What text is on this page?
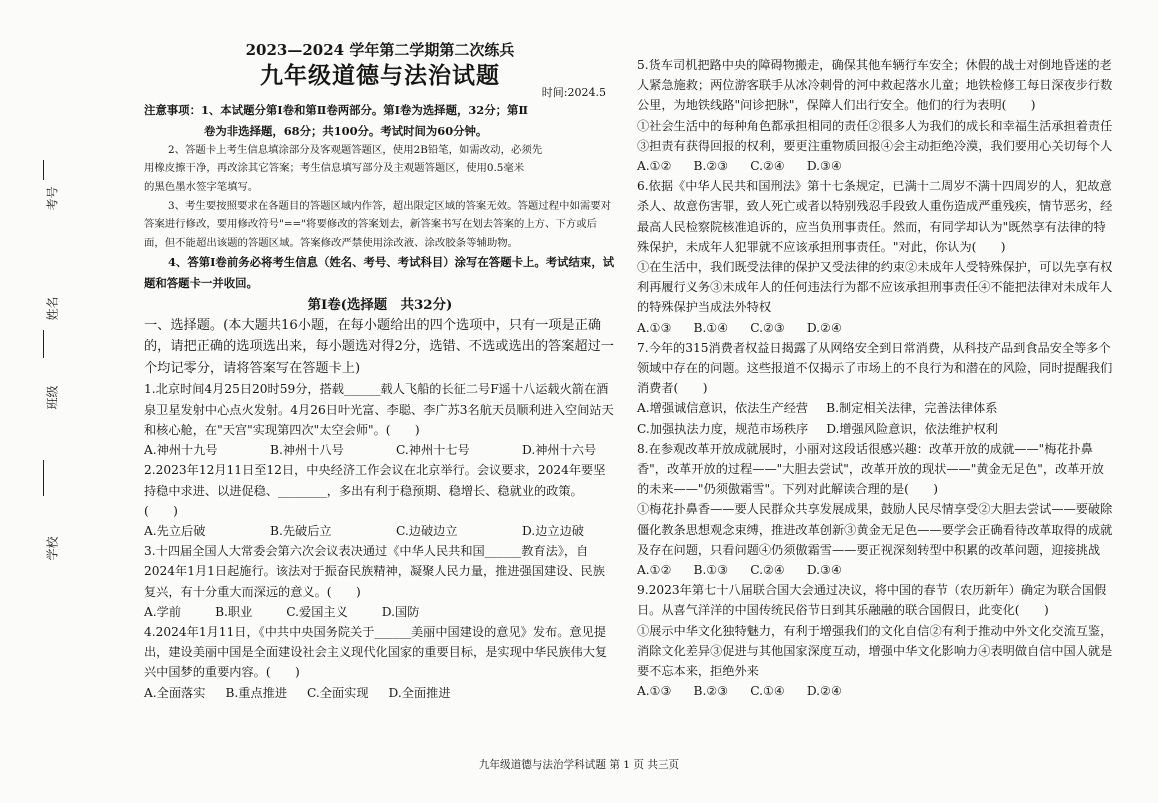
考号
姓名
班级
学校

2023—2024 学年第二学期第二次练兵

九年级道德与法治试题

时间:2024.5

注意事项：1、本试题分第Ⅰ卷和第Ⅱ卷两部分。第Ⅰ卷为选择题，32分；第Ⅱ

卷为非选择题，68分；共100分。考试时间为60分钟。

2、答题卡上考生信息填涂部分及客观题答题区，使用2B铅笔，如需改动，必须先

用橡皮擦干净，再改涂其它答案；考生信息填写部分及主观题答题区，使用0.5毫米

的黑色墨水签字笔填写。

3、考生要按照要求在各题目的答题区域内作答，超出限定区域的答案无效。答题过程中如需要对答案进行修改，要用修改符号"=="将要修改的答案划去，新答案书写在划去答案的上方、下方或后面，但不能超出该题的答题区域。答案修改严禁使用涂改液、涂改胶条等辅助物。

4、答第Ⅰ卷前务必将考生信息（姓名、考号、考试科目）涂写在答题卡上。考试结束，试题和答题卡一并收回。

第Ⅰ卷(选择题　共32分)

一、选择题。(本大题共16小题，在每小题给出的四个选项中，只有一项是正确的，请把正确的选项选出来，每小题选对得2分，选错、不选或选出的答案超过一个均记零分，请将答案写在答题卡上)

1.北京时间4月25日20时59分，搭载______载人飞船的长征二号F遥十八运载火箭在酒泉卫星发射中心点火发射。4月26日叶光富、李聪、李广苏3名航天员顺利进入空间站天和核心舱，在"天宫"实现第四次"太空会师"。(　　)

A.神州十九号	B.神州十八号	C.神州十七号	D.神州十六号

2.2023年12月11日至12日，中央经济工作会议在北京举行。会议要求，2024年要坚持稳中求进、以进促稳、________，多出有利于稳预期、稳增长、稳就业的政策。(　　)

A.先立后破	B.先破后立	C.边破边立	D.边立边破

3.十四届全国人大常委会第六次会议表决通过《中华人民共和国______教育法》，自2024年1月1日起施行。该法对于振奋民族精神，凝聚人民力量，推进强国建设、民族复兴，有十分重大而深远的意义。(　　)

A.学前	B.职业	C.爱国主义	D.国防

4.2024年1月11日，《中共中央国务院关于______美丽中国建设的意见》发布。意见提出，建设美丽中国是全面建设社会主义现代化国家的重要目标，是实现中华民族伟大复兴中国梦的重要内容。(　　)

A.全面落实 B.重点推进 C.全面实现 D.全面推进

5.货车司机把路中央的障碍物搬走，确保其他车辆行车安全；休假的战士对倒地昏迷的老人紧急施救；两位游客联手从冰冷刺骨的河中救起落水儿童；地铁检修工每日深夜步行数公里，为地铁线路"问诊把脉"，保障人们出行安全。他们的行为表明(　　)

①社会生活中的每种角色都承担相同的责任②很多人为我们的成长和幸福生活承担着责任③担责有获得回报的权利，要更注重物质回报④会主动拒绝冷漠，我们要用心关切每个人

A.①② B.②③ C.②④ D.③④

6.依据《中华人民共和国刑法》第十七条规定，已满十二周岁不满十四周岁的人，犯故意杀人、故意伤害罪，致人死亡或者以特别残忍手段致人重伤造成严重残疾，情节恶劣，经最高人民检察院核准追诉的，应当负刑事责任。然而，有同学却认为"既然享有法律的特殊保护，未成年人犯罪就不应该承担刑事责任。"对此，你认为(　　)

①在生活中，我们既受法律的保护又受法律的约束②未成年人受特殊保护，可以先享有权利再履行义务③未成年人的任何违法行为都不应该承担刑事责任④不能把法律对未成年人的特殊保护当成法外特权

A.①③ B.①④ C.②③ D.②④

7.今年的315消费者权益日揭露了从网络安全到日常消费，从科技产品到食品安全等多个领域中存在的问题。这些报道不仅揭示了市场上的不良行为和潜在的风险，同时提醒我们消费者(　　)

A.增强诚信意识，依法生产经营 B.制定相关法律，完善法律体系
C.加强执法力度，规范市场秩序 D.增强风险意识，依法维护权利

8.在参观改革开放成就展时，小丽对这段话很感兴趣：改革开放的成就——"梅花扑鼻香"，改革开放的过程——"大胆去尝试"，改革开放的现状——"黄金无足色"，改革开放的未来——"仍须傲霜雪"。下列对此解读合理的是(　　)

①梅花扑鼻香——要人民群众共享发展成果，鼓励人民尽情享受②大胆去尝试——要破除僵化教条思想观念束缚，推进改革创新③黄金无足色——要学会正确看待改革取得的成就及存在问题，只看问题④仍须傲霜雪——要正视深刻转型中积累的改革问题，迎接挑战

A.①② B.①③ C.②④ D.③④

9.2023年第七十八届联合国大会通过决议，将中国的春节（农历新年）确定为联合国假日。从喜气洋洋的中国传统民俗节日到其乐融融的联合国假日，此变化(　　)

①展示中华文化独特魅力，有利于增强我们的文化自信②有利于推动中外文化交流互鉴，消除文化差异③促进与其他国家深度互动，增强中华文化影响力④表明做自信中国人就是要不忘本来，拒绝外来

A.①③ B.②③ C.①④ D.②④
九年级道德与法治学科试题 第 1 页 共三页
